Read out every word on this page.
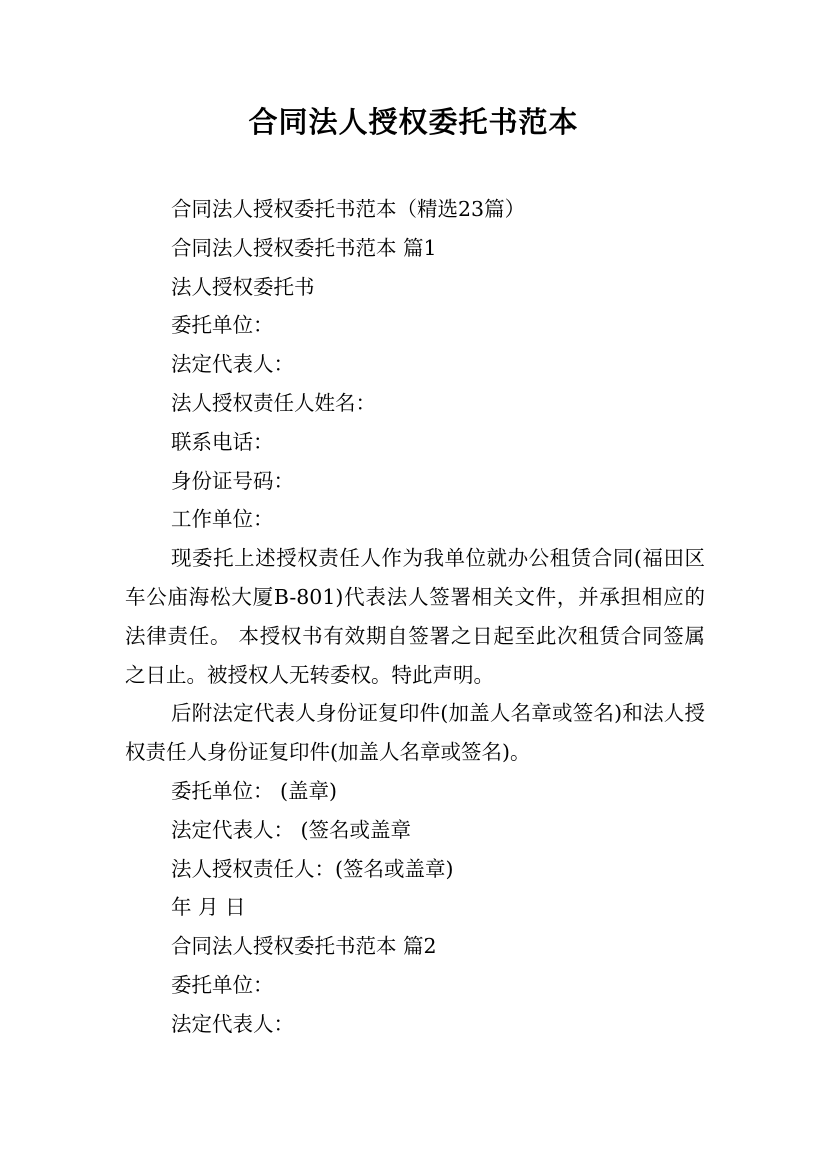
合同法人授权委托书范本

合同法人授权委托书范本（精选23篇）

合同法人授权委托书范本 篇1

法人授权委托书

委托单位：

法定代表人：

法人授权责任人姓名：

联系电话：

身份证号码：

工作单位：

现委托上述授权责任人作为我单位就办公租赁合同(福田区车公庙海松大厦B-801)代表法人签署相关文件，并承担相应的法律责任。 本授权书有效期自签署之日起至此次租赁合同签属之日止。被授权人无转委权。特此声明。

后附法定代表人身份证复印件(加盖人名章或签名)和法人授权责任人身份证复印件(加盖人名章或签名)。

委托单位： (盖章)

法定代表人： (签名或盖章

法人授权责任人：(签名或盖章)

年 月 日

合同法人授权委托书范本 篇2

委托单位：

法定代表人：
